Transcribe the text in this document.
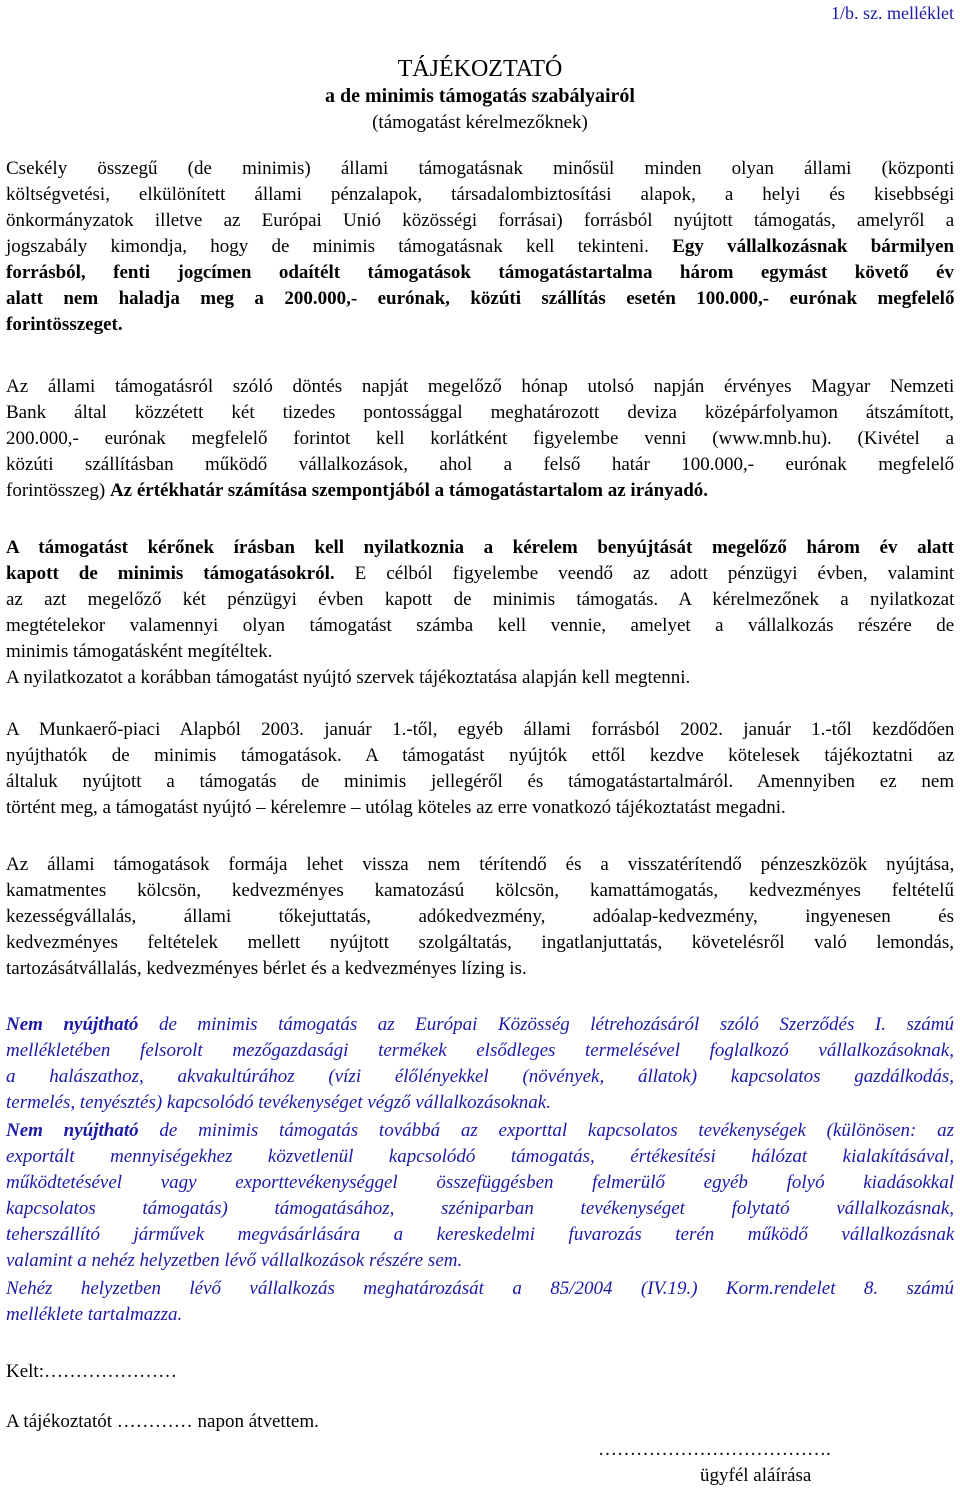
1/b. sz. melléklet
TÁJÉKOZTATÓ
a de minimis támogatás szabályairól
(támogatást kérelmezőknek)
Csekély összegű (de minimis) állami támogatásnak minősül minden olyan állami (központi
költségvetési, elkülönített állami pénzalapok, társadalombiztosítási alapok, a helyi és kisebbségi
önkormányzatok illetve az Európai Unió közösségi forrásai) forrásból nyújtott támogatás, amelyről a
jogszabály kimondja, hogy de minimis támogatásnak kell tekinteni. Egy vállalkozásnak bármilyen
forrásból, fenti jogcímen odaítélt támogatások támogatástartalma három egymást követő év
alatt nem haladja meg a 200.000,- eurónak, közúti szállítás esetén 100.000,- eurónak megfelelő
forintösszeget.
Az állami támogatásról szóló döntés napját megelőző hónap utolsó napján érvényes Magyar Nemzeti
Bank által közzétett két tizedes pontossággal meghatározott deviza középárfolyamon átszámított,
200.000,- eurónak megfelelő forintot kell korlátként figyelembe venni (www.mnb.hu). (Kivétel a
közúti szállításban működő vállalkozások, ahol a felső határ 100.000,- eurónak megfelelő
forintösszeg) Az értékhatár számítása szempontjából a támogatástartalom az irányadó.
A támogatást kérőnek írásban kell nyilatkoznia a kérelem benyújtását megelőző három év alatt
kapott de minimis támogatásokról. E célból figyelembe veendő az adott pénzügyi évben, valamint
az azt megelőző két pénzügyi évben kapott de minimis támogatás. A kérelmezőnek a nyilatkozat
megtételekor valamennyi olyan támogatást számba kell vennie, amelyet a vállalkozás részére de
minimis támogatásként megítéltek.
A nyilatkozatot a korábban támogatást nyújtó szervek tájékoztatása alapján kell megtenni.
A Munkaerő-piaci Alapból 2003. január 1.-től, egyéb állami forrásból 2002. január 1.-től kezdődően
nyújthatók de minimis támogatások. A támogatást nyújtók ettől kezdve kötelesek tájékoztatni az
általuk nyújtott a támogatás de minimis jellegéről és támogatástartalmáról. Amennyiben ez nem
történt meg, a támogatást nyújtó – kérelemre – utólag köteles az erre vonatkozó tájékoztatást megadni.
Az állami támogatások formája lehet vissza nem térítendő és a visszatérítendő pénzeszközök nyújtása,
kamatmentes kölcsön, kedvezményes kamatozású kölcsön, kamattámogatás, kedvezményes feltételű
kezességvállalás, állami tőkejuttatás, adókedvezmény, adóalap-kedvezmény, ingyenesen és
kedvezményes feltételek mellett nyújtott szolgáltatás, ingatlanjuttatás, követelésről való lemondás,
tartozásátvállalás, kedvezményes bérlet és a kedvezményes lízing is.
Nem nyújtható de minimis támogatás az Európai Közösség létrehozásáról szóló Szerződés I. számú
mellékletében felsorolt mezőgazdasági termékek elsődleges termelésével foglalkozó vállalkozásoknak,
a halászathoz, akvakultúrához (vízi élőlényekkel (növények, állatok) kapcsolatos gazdálkodás,
termelés, tenyésztés) kapcsolódó tevékenységet végző vállalkozásoknak.
Nem nyújtható de minimis támogatás továbbá az exporttal kapcsolatos tevékenységek (különösen: az
exportált mennyiségekhez közvetlenül kapcsolódó támogatás, értékesítési hálózat kialakításával,
működtetésével vagy exporttevékenységgel összefüggésben felmerülő egyéb folyó kiadásokkal
kapcsolatos támogatás) támogatásához, széniparban tevékenységet folytató vállalkozásnak,
teherszállító járművek megvásárlására a kereskedelmi fuvarozás terén működő vállalkozásnak
valamint a nehéz helyzetben lévő vállalkozások részére sem.
Nehéz helyzetben lévő vállalkozás meghatározását a 85/2004 (IV.19.) Korm.rendelet 8. számú
melléklete tartalmazza.
Kelt:…………………
A tájékoztatót ………… napon átvettem.
……………………………….
ügyfél aláírása
